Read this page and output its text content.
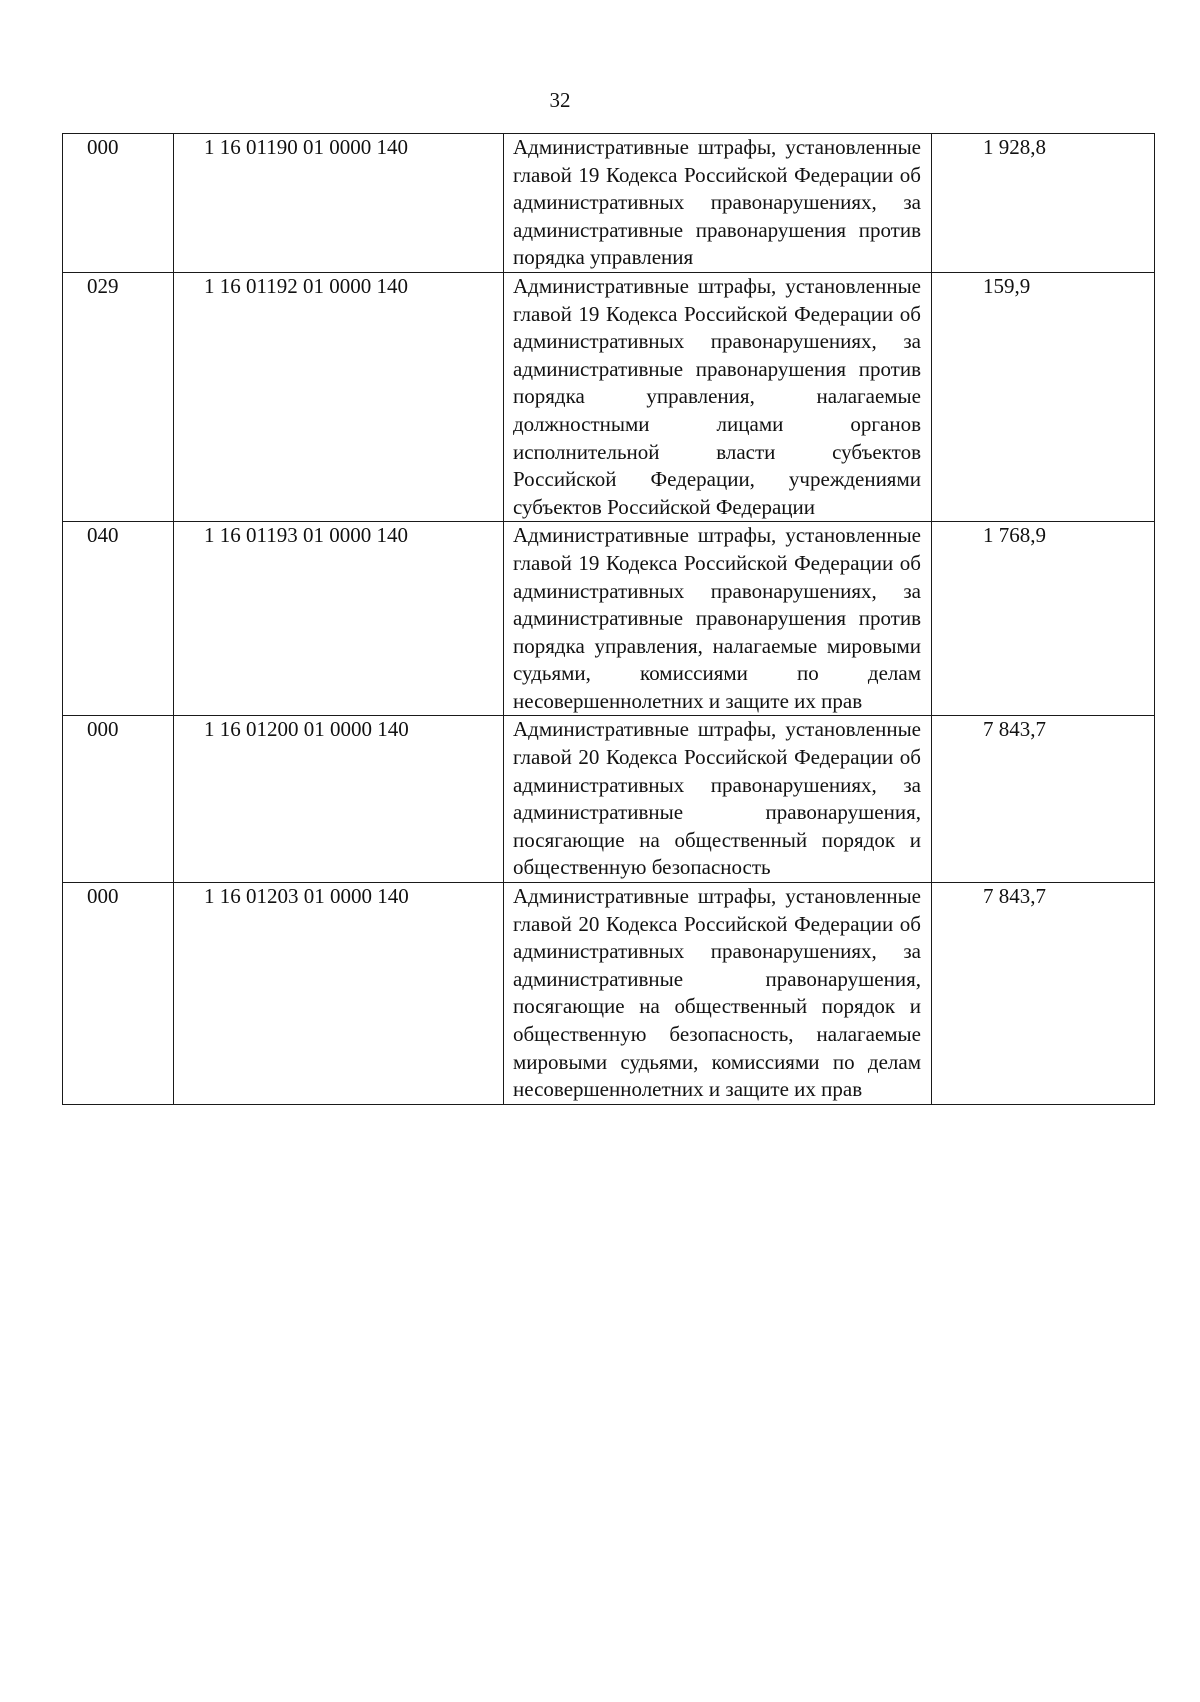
32
000	1 16 01190 01 0000 140	Административные штрафы, установленные главой 19 Кодекса Российской Федерации об административных правонарушениях, за административные правонарушения против порядка управления	1 928,8
029	1 16 01192 01 0000 140	Административные штрафы, установленные главой 19 Кодекса Российской Федерации об административных правонарушениях, за административные правонарушения против порядка управления, налагаемые должностными лицами органов исполнительной власти субъектов Российской Федерации, учреждениями субъектов Российской Федерации	159,9
040	1 16 01193 01 0000 140	Административные штрафы, установленные главой 19 Кодекса Российской Федерации об административных правонарушениях, за административные правонарушения против порядка управления, налагаемые мировыми судьями, комиссиями по делам несовершеннолетних и защите их прав	1 768,9
000	1 16 01200 01 0000 140	Административные штрафы, установленные главой 20 Кодекса Российской Федерации об административных правонарушениях, за административные правонарушения, посягающие на общественный порядок и общественную безопасность	7 843,7
000	1 16 01203 01 0000 140	Административные штрафы, установленные главой 20 Кодекса Российской Федерации об административных правонарушениях, за административные правонарушения, посягающие на общественный порядок и общественную безопасность, налагаемые мировыми судьями, комиссиями по делам несовершеннолетних и защите их прав	7 843,7
